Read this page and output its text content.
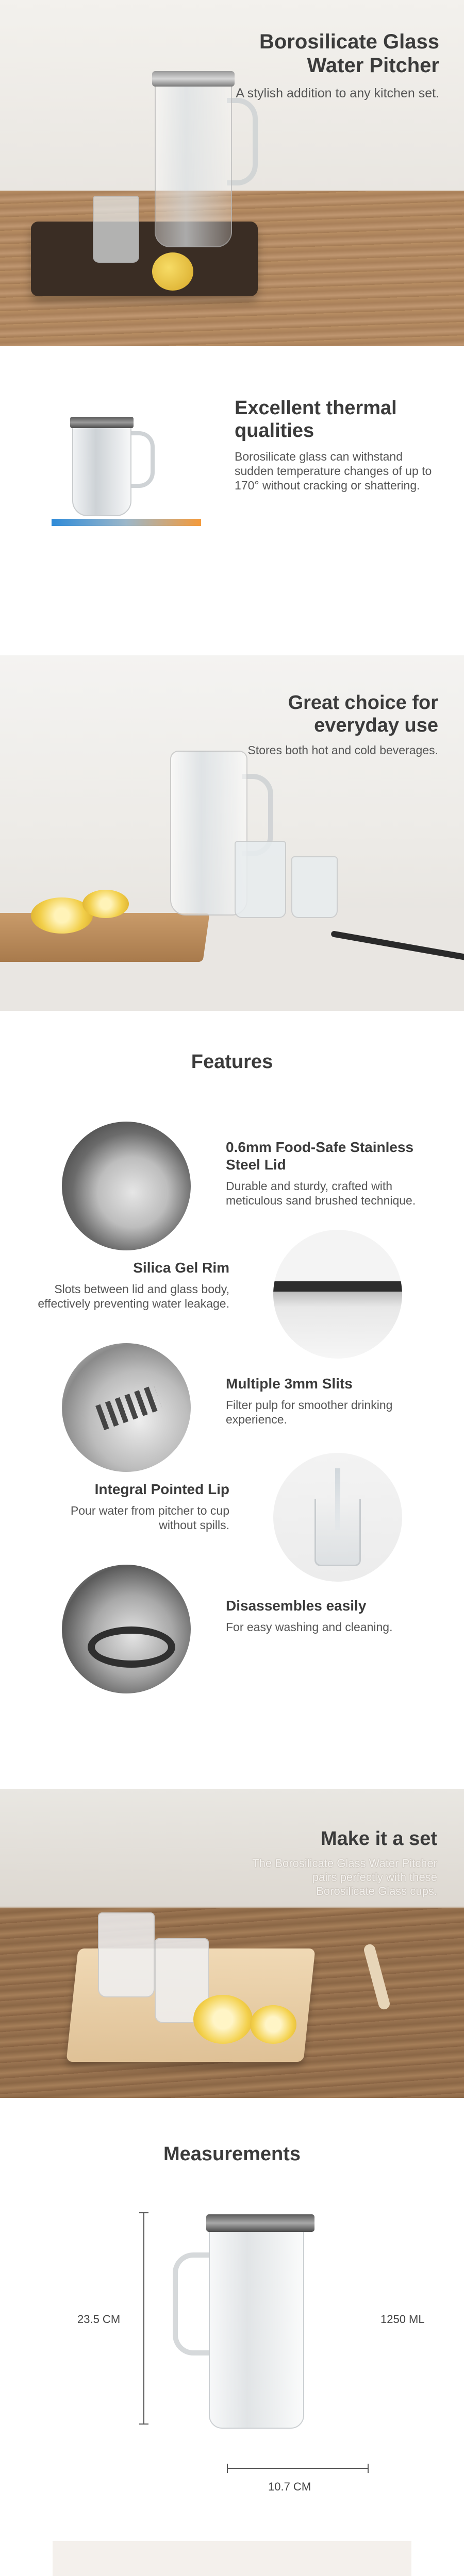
Borosilicate Glass Water Pitcher

A stylish addition to any kitchen set.

Excellent thermal qualities

Borosilicate glass can withstand sudden temperature changes of up to 170° without cracking or shattering.

Great choice for everyday use

Stores both hot and cold beverages.

Features
0.6mm Food-Safe Stainless Steel Lid

Durable and sturdy, crafted with meticulous sand brushed technique.

Silica Gel Rim

Slots between lid and glass body, effectively preventing water leakage.

Multiple 3mm Slits

Filter pulp for smoother drinking experience.

Integral Pointed Lip

Pour water from pitcher to cup without spills.

Disassembles easily

For easy washing and cleaning.

Make it a set

The Borosilicate Glass Water Pitcher pairs perfectly with these Borosilicate Glass cups.

Measurements
23.5 CM	1250 ML
10.7 CM
